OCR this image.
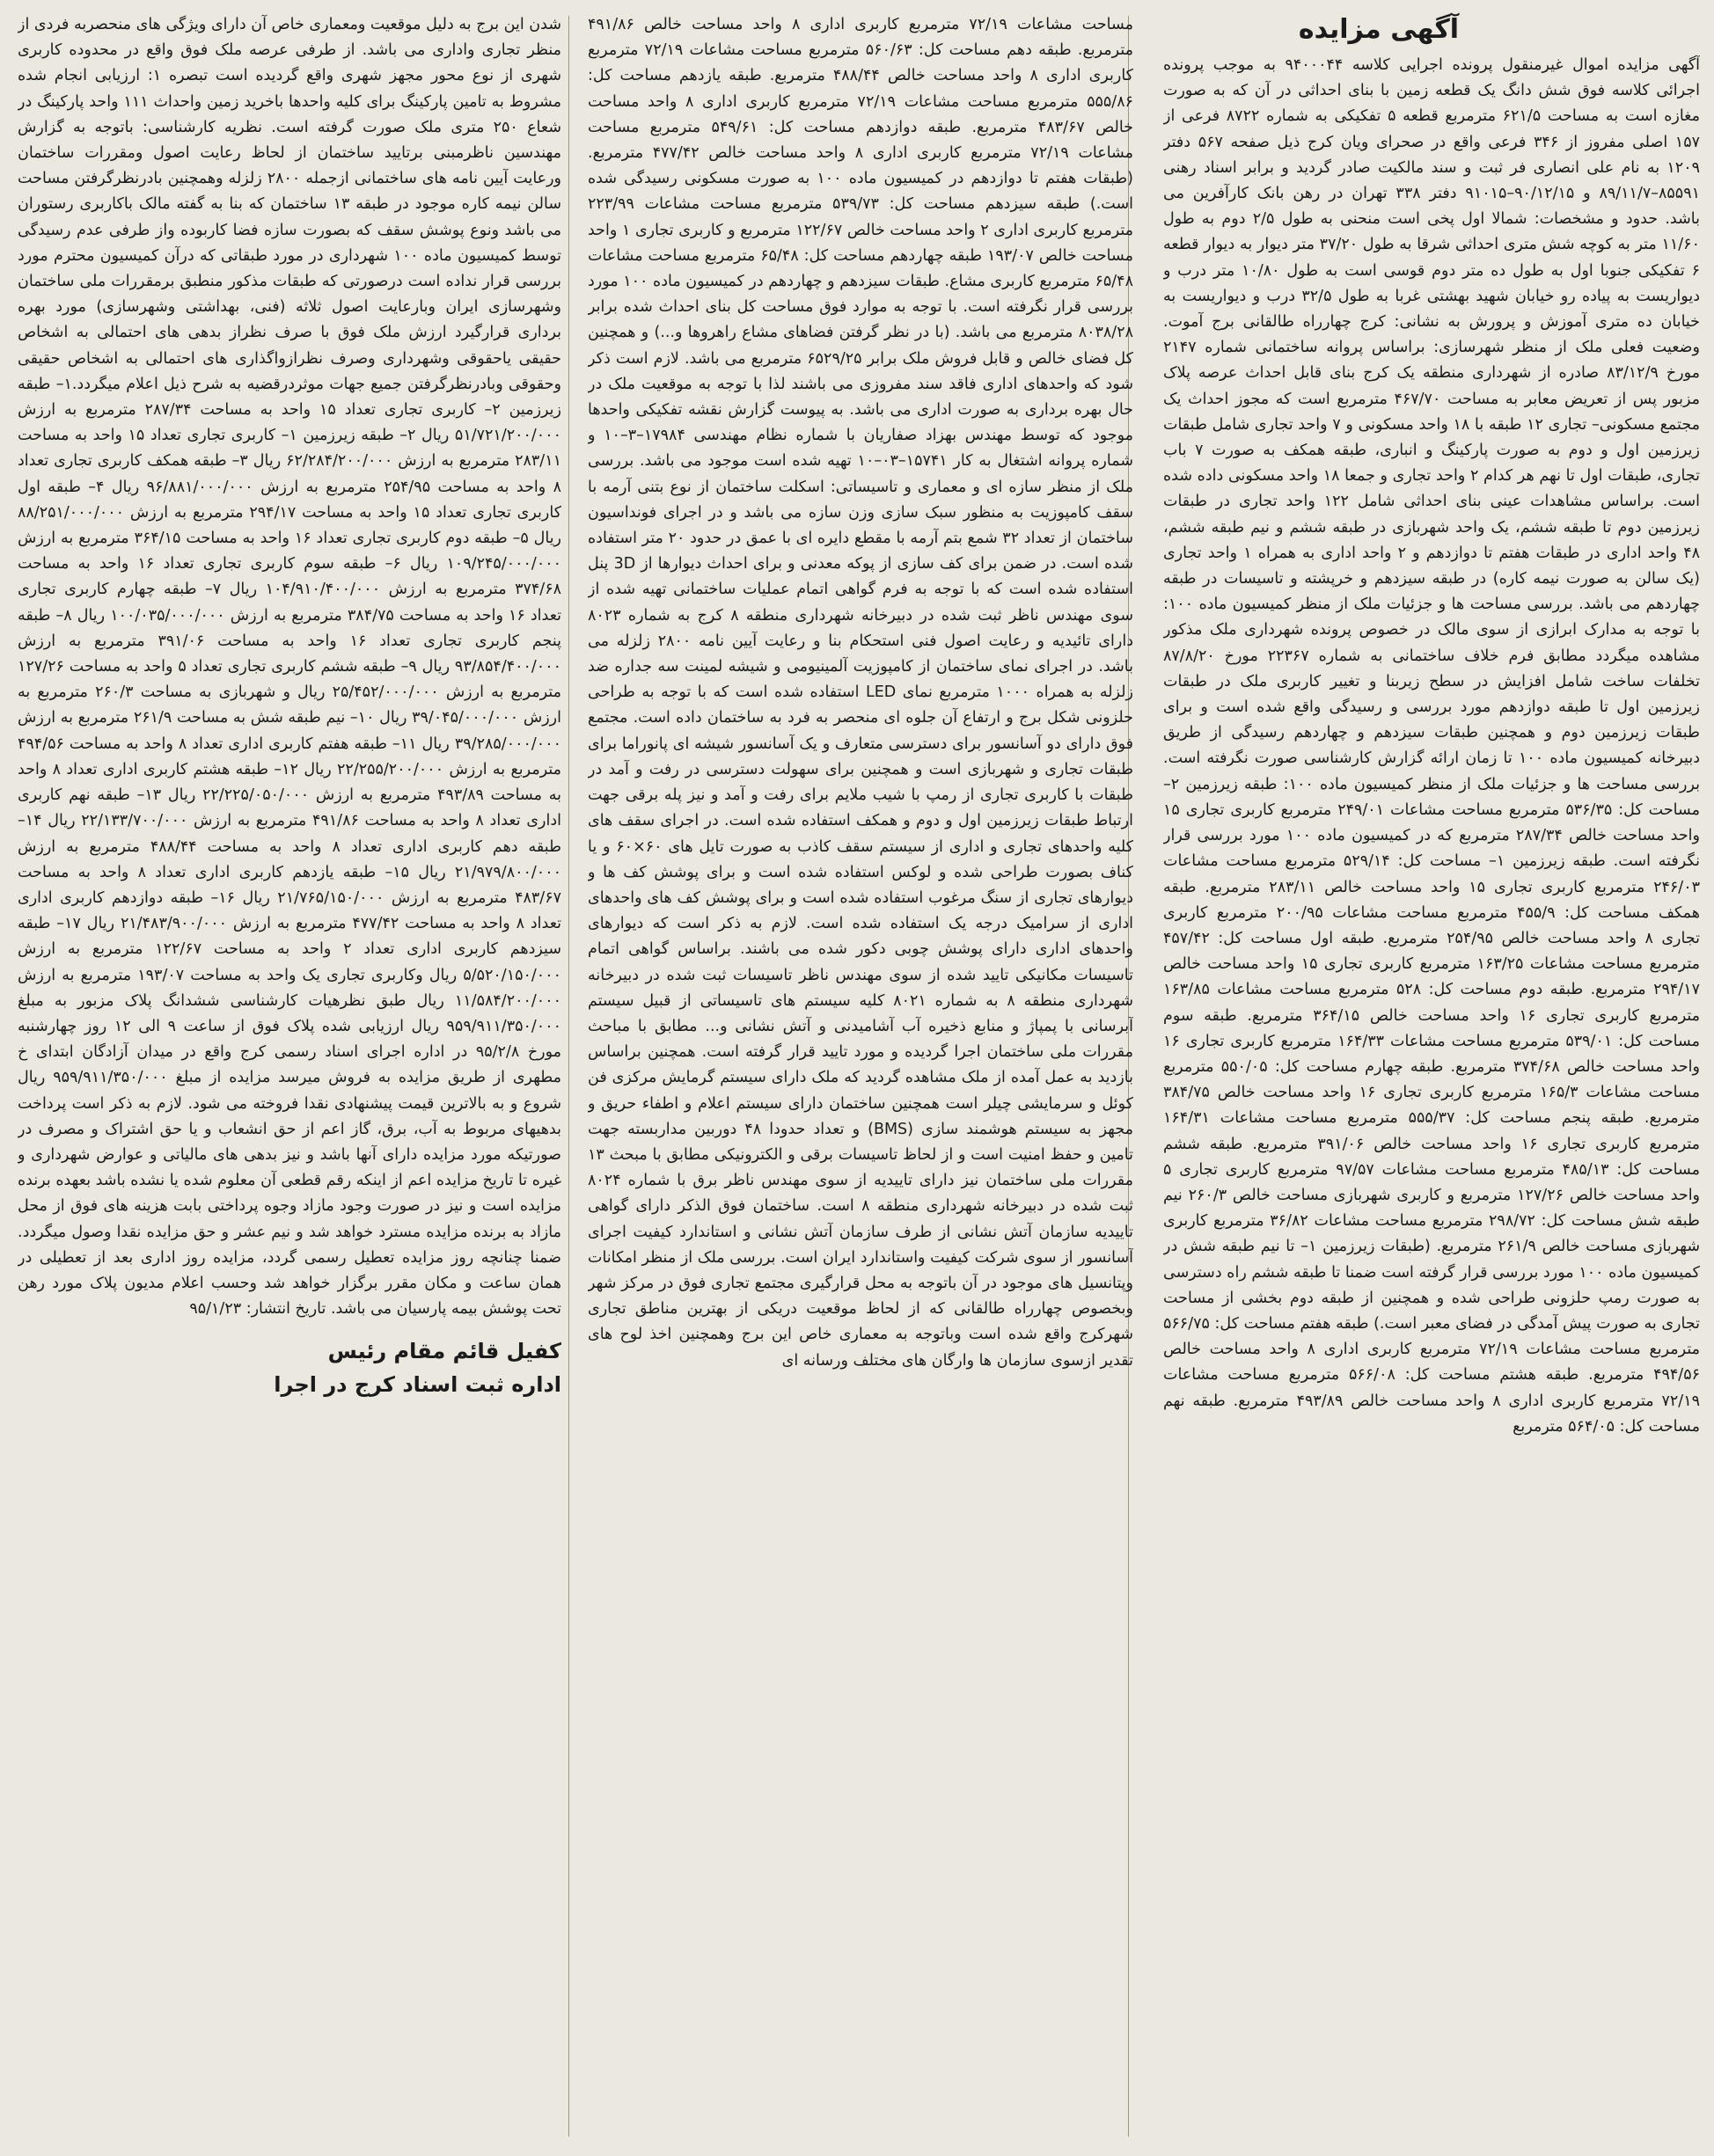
آگهی مزایده

آگهی مزایده اموال غیرمنقول پرونده اجرایی کلاسه ۹۴۰۰۰۴۴ به موجب پرونده اجرائی کلاسه فوق شش دانگ یک قطعه زمین با بنای احداثی در آن که به صورت مغازه است به مساحت ۶۲۱/۵ مترمربع قطعه ۵ تفکیکی به شماره ۸۷۲۲ فرعی از ۱۵۷ اصلی مفروز از ۳۴۶ فرعی واقع در صحرای ویان کرج ذیل صفحه ۵۶۷ دفتر ۱۲۰۹ به نام علی انصاری فر ثبت و سند مالکیت صادر گردید و برابر اسناد رهنی ۸۵۵۹۱–۸۹/۱۱/۷ و ۹۰/۱۲/۱۵–۹۱۰۱۵ دفتر ۳۳۸ تهران در رهن بانک کارآفرین می باشد. حدود و مشخصات: شمالا اول پخی است منحنی به طول ۲/۵ دوم به طول ۱۱/۶۰ متر به کوچه شش متری احداثی شرقا به طول ۳۷/۲۰ متر دیوار به دیوار قطعه ۶ تفکیکی جنوبا اول به طول ده متر دوم قوسی است به طول ۱۰/۸۰ متر درب و دیواریست به پیاده رو خیابان شهید بهشتی غربا به طول ۳۲/۵ درب و دیواریست به خیابان ده متری آموزش و پرورش به نشانی: کرج چهارراه طالقانی برج آموت. وضعیت فعلی ملک از منظر شهرسازی: براساس پروانه ساختمانی شماره ۲۱۴۷ مورخ ۸۳/۱۲/۹ صادره از شهرداری منطقه یک کرج بنای قابل احداث عرصه پلاک مزبور پس از تعریض معابر به مساحت ۴۶۷/۷۰ مترمربع است که مجوز احداث یک مجتمع مسکونی– تجاری ۱۲ طبقه با ۱۸ واحد مسکونی و ۷ واحد تجاری شامل طبقات زیرزمین اول و دوم به صورت پارکینگ و انباری، طبقه همکف به صورت ۷ باب تجاری، طبقات اول تا نهم هر کدام ۲ واحد تجاری و جمعا ۱۸ واحد مسکونی داده شده است. براساس مشاهدات عینی بنای احداثی شامل ۱۲۲ واحد تجاری در طبقات زیرزمین دوم تا طبقه ششم، یک واحد شهربازی در طبقه ششم و نیم طبقه ششم، ۴۸ واحد اداری در طبقات هفتم تا دوازدهم و ۲ واحد اداری به همراه ۱ واحد تجاری (یک سالن به صورت نیمه کاره) در طبقه سیزدهم و خرپشته و تاسیسات در طبقه چهاردهم می باشد. بررسی مساحت ها و جزئیات ملک از منظر کمیسیون ماده ۱۰۰: با توجه به مدارک ابرازی از سوی مالک در خصوص پرونده شهرداری ملک مذکور مشاهده میگردد مطابق فرم خلاف ساختمانی به شماره ۲۲۳۶۷ مورخ ۸۷/۸/۲۰ تخلفات ساخت شامل افزایش در سطح زیربنا و تغییر کاربری ملک در طبقات زیرزمین اول تا طبقه دوازدهم مورد بررسی و رسیدگی واقع شده است و برای طبقات زیرزمین دوم و همچنین طبقات سیزدهم و چهاردهم رسیدگی از طریق دبیرخانه کمیسیون ماده ۱۰۰ تا زمان ارائه گزارش کارشناسی صورت نگرفته است. بررسی مساحت ها و جزئیات ملک از منظر کمیسیون ماده ۱۰۰: طبقه زیرزمین ۲– مساحت کل: ۵۳۶/۳۵ مترمربع مساحت مشاعات ۲۴۹/۰۱ مترمربع کاربری تجاری ۱۵ واحد مساحت خالص ۲۸۷/۳۴ مترمربع که در کمیسیون ماده ۱۰۰ مورد بررسی قرار نگرفته است. طبقه زیرزمین ۱– مساحت کل: ۵۲۹/۱۴ مترمربع مساحت مشاعات ۲۴۶/۰۳ مترمربع کاربری تجاری ۱۵ واحد مساحت خالص ۲۸۳/۱۱ مترمربع. طبقه همکف مساحت کل: ۴۵۵/۹ مترمربع مساحت مشاعات ۲۰۰/۹۵ مترمربع کاربری تجاری ۸ واحد مساحت خالص ۲۵۴/۹۵ مترمربع. طبقه اول مساحت کل: ۴۵۷/۴۲ مترمربع مساحت مشاعات ۱۶۳/۲۵ مترمربع کاربری تجاری ۱۵ واحد مساحت خالص ۲۹۴/۱۷ مترمربع. طبقه دوم مساحت کل: ۵۲۸ مترمربع مساحت مشاعات ۱۶۳/۸۵ مترمربع کاربری تجاری ۱۶ واحد مساحت خالص ۳۶۴/۱۵ مترمربع. طبقه سوم مساحت کل: ۵۳۹/۰۱ مترمربع مساحت مشاعات ۱۶۴/۳۳ مترمربع کاربری تجاری ۱۶ واحد مساحت خالص ۳۷۴/۶۸ مترمربع. طبقه چهارم مساحت کل: ۵۵۰/۰۵ مترمربع مساحت مشاعات ۱۶۵/۳ مترمربع کاربری تجاری ۱۶ واحد مساحت خالص ۳۸۴/۷۵ مترمربع. طبقه پنجم مساحت کل: ۵۵۵/۳۷ مترمربع مساحت مشاعات ۱۶۴/۳۱ مترمربع کاربری تجاری ۱۶ واحد مساحت خالص ۳۹۱/۰۶ مترمربع. طبقه ششم مساحت کل: ۴۸۵/۱۳ مترمربع مساحت مشاعات ۹۷/۵۷ مترمربع کاربری تجاری ۵ واحد مساحت خالص ۱۲۷/۲۶ مترمربع و کاربری شهربازی مساحت خالص ۲۶۰/۳ نیم طبقه شش مساحت کل: ۲۹۸/۷۲ مترمربع مساحت مشاعات ۳۶/۸۲ مترمربع کاربری شهربازی مساحت خالص ۲۶۱/۹ مترمربع. (طبقات زیرزمین ۱– تا نیم طبقه شش در کمیسیون ماده ۱۰۰ مورد بررسی قرار گرفته است ضمنا تا طبقه ششم راه دسترسی به صورت رمپ حلزونی طراحی شده و همچنین از طبقه دوم بخشی از مساحت تجاری به صورت پیش آمدگی در فضای معبر است.) طبقه هفتم مساحت کل: ۵۶۶/۷۵ مترمربع مساحت مشاعات ۷۲/۱۹ مترمربع کاربری اداری ۸ واحد مساحت خالص ۴۹۴/۵۶ مترمربع. طبقه هشتم مساحت کل: ۵۶۶/۰۸ مترمربع مساحت مشاعات ۷۲/۱۹ مترمربع کاربری اداری ۸ واحد مساحت خالص ۴۹۳/۸۹ مترمربع. طبقه نهم مساحت کل: ۵۶۴/۰۵ مترمربع

مساحت مشاعات ۷۲/۱۹ مترمربع کاربری اداری ۸ واحد مساحت خالص ۴۹۱/۸۶ مترمربع. طبقه دهم مساحت کل: ۵۶۰/۶۳ مترمربع مساحت مشاعات ۷۲/۱۹ مترمربع کاربری اداری ۸ واحد مساحت خالص ۴۸۸/۴۴ مترمربع. طبقه یازدهم مساحت کل: ۵۵۵/۸۶ مترمربع مساحت مشاعات ۷۲/۱۹ مترمربع کاربری اداری ۸ واحد مساحت خالص ۴۸۳/۶۷ مترمربع. طبقه دوازدهم مساحت کل: ۵۴۹/۶۱ مترمربع مساحت مشاعات ۷۲/۱۹ مترمربع کاربری اداری ۸ واحد مساحت خالص ۴۷۷/۴۲ مترمربع. (طبقات هفتم تا دوازدهم در کمیسیون ماده ۱۰۰ به صورت مسکونی رسیدگی شده است.) طبقه سیزدهم مساحت کل: ۵۳۹/۷۳ مترمربع مساحت مشاعات ۲۲۳/۹۹ مترمربع کاربری اداری ۲ واحد مساحت خالص ۱۲۲/۶۷ مترمربع و کاربری تجاری ۱ واحد مساحت خالص ۱۹۳/۰۷ طبقه چهاردهم مساحت کل: ۶۵/۴۸ مترمربع مساحت مشاعات ۶۵/۴۸ مترمربع کاربری مشاع. طبقات سیزدهم و چهاردهم در کمیسیون ماده ۱۰۰ مورد بررسی قرار نگرفته است. با توجه به موارد فوق مساحت کل بنای احداث شده برابر ۸۰۳۸/۲۸ مترمربع می باشد. (با در نظر گرفتن فضاهای مشاع راهروها و...) و همچنین کل فضای خالص و قابل فروش ملک برابر ۶۵۲۹/۲۵ مترمربع می باشد. لازم است ذکر شود که واحدهای اداری فاقد سند مفروزی می باشند لذا با توجه به موقعیت ملک در حال بهره برداری به صورت اداری می باشد. به پیوست گزارش نقشه تفکیکی واحدها موجود که توسط مهندس بهزاد صفاریان با شماره نظام مهندسی ۱۷۹۸۴–۳–۱۰ و شماره پروانه اشتغال به کار ۱۵۷۴۱–۰۳–۱۰ تهیه شده است موجود می باشد. بررسی ملک از منظر سازه ای و معماری و تاسیساتی: اسکلت ساختمان از نوع بتنی آرمه با سقف کامپوزیت به منظور سبک سازی وزن سازه می باشد و در اجرای فونداسیون ساختمان از تعداد ۳۲ شمع بتم آرمه با مقطع دایره ای با عمق در حدود ۲۰ متر استفاده شده است. در ضمن برای کف سازی از پوکه معدنی و برای احداث دیوارها از 3D پنل استفاده شده است که با توجه به فرم گواهی اتمام عملیات ساختمانی تهیه شده از سوی مهندس ناظر ثبت شده در دبیرخانه شهرداری منطقه ۸ کرج به شماره ۸۰۲۳ دارای تائیدیه و رعایت اصول فنی استحکام بنا و رعایت آیین نامه ۲۸۰۰ زلزله می باشد. در اجرای نمای ساختمان از کامپوزیت آلمینیومی و شیشه لمینت سه جداره ضد زلزله به همراه ۱۰۰۰ مترمربع نمای LED استفاده شده است که با توجه به طراحی حلزونی شکل برج و ارتفاع آن جلوه ای منحصر به فرد به ساختمان داده است. مجتمع فوق دارای دو آسانسور برای دسترسی متعارف و یک آسانسور شیشه ای پانوراما برای طبقات تجاری و شهربازی است و همچنین برای سهولت دسترسی در رفت و آمد در طبقات با کاربری تجاری از رمپ با شیب ملایم برای رفت و آمد و نیز پله برقی جهت ارتباط طبقات زیرزمین اول و دوم و همکف استفاده شده است. در اجرای سقف های کلیه واحدهای تجاری و اداری از سیستم سقف کاذب به صورت تایل های ۶۰×۶۰ و یا کناف بصورت طراحی شده و لوکس استفاده شده است و برای پوشش کف ها و دیوارهای تجاری از سنگ مرغوب استفاده شده است و برای پوشش کف های واحدهای اداری از سرامیک درجه یک استفاده شده است. لازم به ذکر است که دیوارهای واحدهای اداری دارای پوشش چوبی دکور شده می باشند. براساس گواهی اتمام تاسیسات مکانیکی تایید شده از سوی مهندس ناظر تاسیسات ثبت شده در دبیرخانه شهرداری منطقه ۸ به شماره ۸۰۲۱ کلیه سیستم های تاسیساتی از قبیل سیستم آبرسانی با پمپاژ و منابع ذخیره آب آشامیدنی و آتش نشانی و... مطابق با مباحث مقررات ملی ساختمان اجرا گردیده و مورد تایید قرار گرفته است. همچنین براساس بازدید به عمل آمده از ملک مشاهده گردید که ملک دارای سیستم گرمایش مرکزی فن کوئل و سرمایشی چیلر است همچنین ساختمان دارای سیستم اعلام و اطفاء حریق و مجهز به سیستم هوشمند سازی (BMS) و تعداد حدودا ۴۸ دوربین مداربسته جهت تامین و حفظ امنیت است و از لحاظ تاسیسات برقی و الکترونیکی مطابق با مبحث ۱۳ مقررات ملی ساختمان نیز دارای تاییدیه از سوی مهندس ناظر برق با شماره ۸۰۲۴ ثبت شده در دبیرخانه شهرداری منطقه ۸ است. ساختمان فوق الذکر دارای گواهی تاییدیه سازمان آتش نشانی از طرف سازمان آتش نشانی و استاندارد کیفیت اجرای آسانسور از سوی شرکت کیفیت واستاندارد ایران است. بررسی ملک از منظر امکانات وپتانسیل های موجود در آن باتوجه به محل قرارگیری مجتمع تجاری فوق در مرکز شهر وبخصوص چهارراه طالقانی که از لحاظ موقعیت دریکی از بهترین مناطق تجاری شهرکرج واقع شده است وباتوجه به معماری خاص این برج وهمچنین اخذ لوح های تقدیر ازسوی سازمان ها وارگان های مختلف ورسانه ای

شدن این برج به دلیل موقعیت ومعماری خاص آن دارای ویژگی های منحصربه فردی از منظر تجاری واداری می باشد. از طرفی عرصه ملک فوق واقع در محدوده کاربری شهری از نوع محور مجهز شهری واقع گردیده است تبصره ۱: ارزیابی انجام شده مشروط به تامین پارکینگ برای کلیه واحدها باخرید زمین واحداث ۱۱۱ واحد پارکینگ در شعاع ۲۵۰ متری ملک صورت گرفته است. نظریه کارشناسی: باتوجه به گزارش مهندسین ناظرمبنی برتایید ساختمان از لحاظ رعایت اصول ومقررات ساختمان ورعایت آیین نامه های ساختمانی ازجمله ۲۸۰۰ زلزله وهمچنین بادرنظرگرفتن مساحت سالن نیمه کاره موجود در طبقه ۱۳ ساختمان که بنا به گفته مالک باکاربری رستوران می باشد ونوع پوشش سقف که بصورت سازه فضا کاربوده واز طرفی عدم رسیدگی توسط کمیسیون ماده ۱۰۰ شهرداری در مورد طبقاتی که درآن کمیسیون محترم مورد بررسی قرار نداده است درصورتی که طبقات مذکور منطبق برمقررات ملی ساختمان وشهرسازی ایران وبارعایت اصول ثلاثه (فنی، بهداشتی وشهرسازی) مورد بهره برداری قرارگیرد ارزش ملک فوق با صرف نظراز بدهی های احتمالی به اشخاص حقیقی یاحقوقی وشهرداری وصرف نظرازواگذاری های احتمالی به اشخاص حقیقی وحقوقی وبادرنظرگرفتن جمیع جهات موثردرقضیه به شرح ذیل اعلام میگردد.۱– طبقه زیرزمین ۲– کاربری تجاری تعداد ۱۵ واحد به مساحت ۲۸۷/۳۴ مترمربع به ارزش ۵۱/۷۲۱/۲۰۰/۰۰۰ ریال ۲– طبقه زیرزمین ۱– کاربری تجاری تعداد ۱۵ واحد به مساحت ۲۸۳/۱۱ مترمربع به ارزش ۶۲/۲۸۴/۲۰۰/۰۰۰ ریال ۳– طبقه همکف کاربری تجاری تعداد ۸ واحد به مساحت ۲۵۴/۹۵ مترمربع به ارزش ۹۶/۸۸۱/۰۰۰/۰۰۰ ریال ۴– طبقه اول کاربری تجاری تعداد ۱۵ واحد به مساحت ۲۹۴/۱۷ مترمربع به ارزش ۸۸/۲۵۱/۰۰۰/۰۰۰ ریال ۵– طبقه دوم کاربری تجاری تعداد ۱۶ واحد به مساحت ۳۶۴/۱۵ مترمربع به ارزش ۱۰۹/۲۴۵/۰۰۰/۰۰۰ ریال ۶– طبقه سوم کاربری تجاری تعداد ۱۶ واحد به مساحت ۳۷۴/۶۸ مترمربع به ارزش ۱۰۴/۹۱۰/۴۰۰/۰۰۰ ریال ۷– طبقه چهارم کاربری تجاری تعداد ۱۶ واحد به مساحت ۳۸۴/۷۵ مترمربع به ارزش ۱۰۰/۰۳۵/۰۰۰/۰۰۰ ریال ۸– طبقه پنجم کاربری تجاری تعداد ۱۶ واحد به مساحت ۳۹۱/۰۶ مترمربع به ارزش ۹۳/۸۵۴/۴۰۰/۰۰۰ ریال ۹– طبقه ششم کاربری تجاری تعداد ۵ واحد به مساحت ۱۲۷/۲۶ مترمربع به ارزش ۲۵/۴۵۲/۰۰۰/۰۰۰ ریال و شهربازی به مساحت ۲۶۰/۳ مترمربع به ارزش ۳۹/۰۴۵/۰۰۰/۰۰۰ ریال ۱۰– نیم طبقه شش به مساحت ۲۶۱/۹ مترمربع به ارزش ۳۹/۲۸۵/۰۰۰/۰۰۰ ریال ۱۱– طبقه هفتم کاربری اداری تعداد ۸ واحد به مساحت ۴۹۴/۵۶ مترمربع به ارزش ۲۲/۲۵۵/۲۰۰/۰۰۰ ریال ۱۲– طبقه هشتم کاربری اداری تعداد ۸ واحد به مساحت ۴۹۳/۸۹ مترمربع به ارزش ۲۲/۲۲۵/۰۵۰/۰۰۰ ریال ۱۳– طبقه نهم کاربری اداری تعداد ۸ واحد به مساحت ۴۹۱/۸۶ مترمربع به ارزش ۲۲/۱۳۳/۷۰۰/۰۰۰ ریال ۱۴– طبقه دهم کاربری اداری تعداد ۸ واحد به مساحت ۴۸۸/۴۴ مترمربع به ارزش ۲۱/۹۷۹/۸۰۰/۰۰۰ ریال ۱۵– طبقه یازدهم کاربری اداری تعداد ۸ واحد به مساحت ۴۸۳/۶۷ مترمربع به ارزش ۲۱/۷۶۵/۱۵۰/۰۰۰ ریال ۱۶– طبقه دوازدهم کاربری اداری تعداد ۸ واحد به مساحت ۴۷۷/۴۲ مترمربع به ارزش ۲۱/۴۸۳/۹۰۰/۰۰۰ ریال ۱۷– طبقه سیزدهم کاربری اداری تعداد ۲ واحد به مساحت ۱۲۲/۶۷ مترمربع به ارزش ۵/۵۲۰/۱۵۰/۰۰۰ ریال وکاربری تجاری یک واحد به مساحت ۱۹۳/۰۷ مترمربع به ارزش ۱۱/۵۸۴/۲۰۰/۰۰۰ ریال طبق نظرهیات کارشناسی ششدانگ پلاک مزبور به مبلغ ۹۵۹/۹۱۱/۳۵۰/۰۰۰ ریال ارزیابی شده پلاک فوق از ساعت ۹ الی ۱۲ روز چهارشنبه مورخ ۹۵/۲/۸ در اداره اجرای اسناد رسمی کرج واقع در میدان آزادگان ابتدای خ مطهری از طریق مزایده به فروش میرسد مزایده از مبلغ ۹۵۹/۹۱۱/۳۵۰/۰۰۰ ریال شروع و به بالاترین قیمت پیشنهادی نقدا فروخته می شود. لازم به ذکر است پرداخت بدهیهای مربوط به آب، برق، گاز اعم از حق انشعاب و یا حق اشتراک و مصرف در صورتیکه مورد مزایده دارای آنها باشد و نیز بدهی های مالیاتی و عوارض شهرداری و غیره تا تاریخ مزایده اعم از اینکه رقم قطعی آن معلوم شده یا نشده باشد بعهده برنده مزایده است و نیز در صورت وجود مازاد وجوه پرداختی بابت هزینه های فوق از محل مازاد به برنده مزایده مسترد خواهد شد و نیم عشر و حق مزایده نقدا وصول میگردد. ضمنا چنانچه روز مزایده تعطیل رسمی گردد، مزایده روز اداری بعد از تعطیلی در همان ساعت و مکان مقرر برگزار خواهد شد وحسب اعلام مدیون پلاک مورد رهن تحت پوشش بیمه پارسیان می باشد. تاریخ انتشار: ۹۵/۱/۲۳

کفیل قائم مقام رئیس
اداره ثبت اسناد کرج در اجرا
